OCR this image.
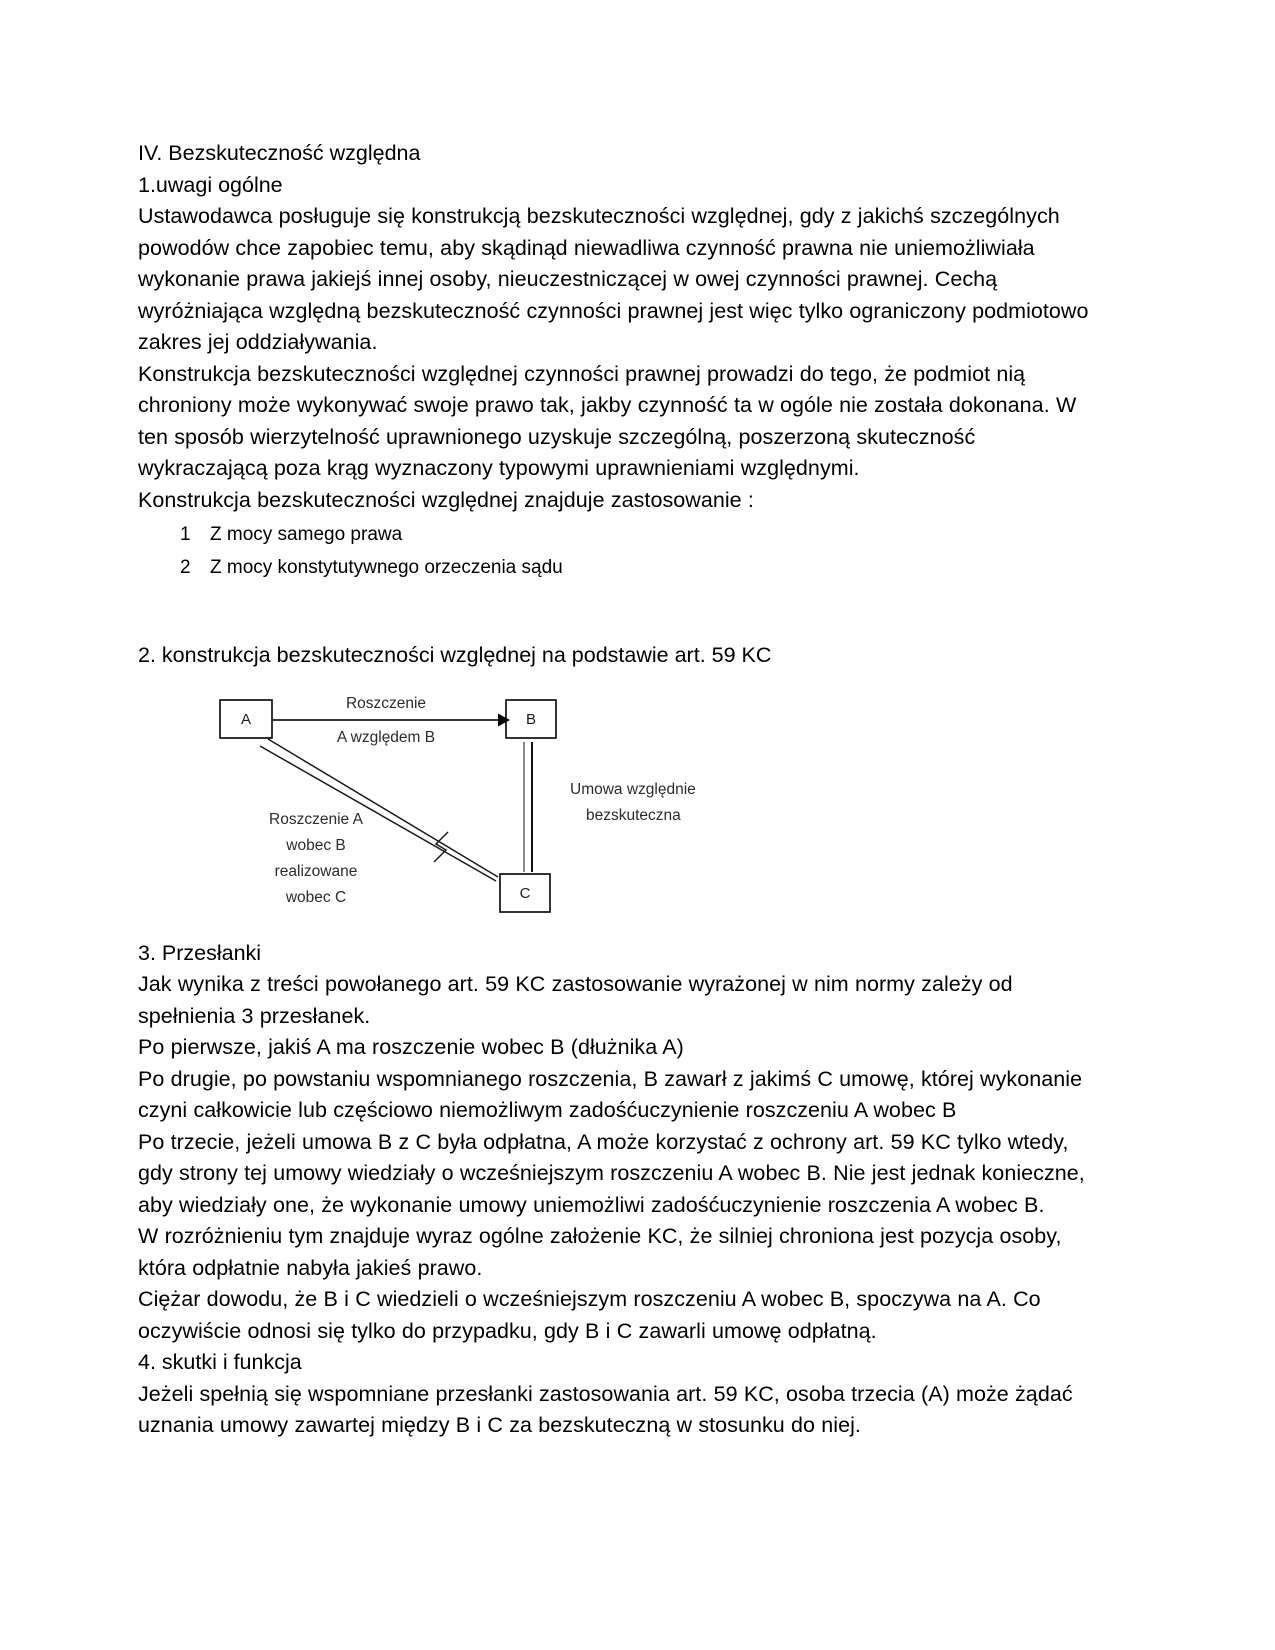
IV. Bezskuteczność względna
1.uwagi ogólne

Ustawodawca posługuje się konstrukcją bezskuteczności względnej, gdy z jakichś szczególnych powodów chce zapobiec temu, aby skądinąd niewadliwa czynność prawna nie uniemożliwiała wykonanie prawa jakiejś innej osoby, nieuczestniczącej w owej czynności prawnej. Cechą wyróżniająca względną bezskuteczność czynności prawnej jest więc tylko ograniczony podmiotowo zakres jej oddziaływania.

Konstrukcja bezskuteczności względnej czynności prawnej prowadzi do tego, że podmiot nią chroniony może wykonywać swoje prawo tak, jakby czynność ta w ogóle nie została dokonana. W ten sposób wierzytelność uprawnionego uzyskuje szczególną, poszerzoną skuteczność wykraczającą poza krąg wyznaczony typowymi uprawnieniami względnymi.

Konstrukcja bezskuteczności względnej znajduje zastosowanie :

1 Z mocy samego prawa
2 Z mocy konstytutywnego orzeczenia sądu
2. konstrukcja bezskuteczności względnej na podstawie art. 59 KC
A	B
C
Roszczenie
A względem B
Roszczenie A
wobec B
realizowane
wobec C
Umowa względnie
bezskuteczna
3. Przesłanki

Jak wynika z treści powołanego art. 59 KC zastosowanie wyrażonej w nim normy zależy od spełnienia 3 przesłanek.

Po pierwsze, jakiś A ma roszczenie wobec B (dłużnika A)

Po drugie, po powstaniu wspomnianego roszczenia, B zawarł z jakimś C umowę, której wykonanie czyni całkowicie lub częściowo niemożliwym zadośćuczynienie roszczeniu A wobec B

Po trzecie, jeżeli umowa B z C była odpłatna, A może korzystać z ochrony art. 59 KC tylko wtedy, gdy strony tej umowy wiedziały o wcześniejszym roszczeniu A wobec B. Nie jest jednak konieczne, aby wiedziały one, że wykonanie umowy uniemożliwi zadośćuczynienie roszczenia A wobec B.

W rozróżnieniu tym znajduje wyraz ogólne założenie KC, że silniej chroniona jest pozycja osoby, która odpłatnie nabyła jakieś prawo.

Ciężar dowodu, że B i C wiedzieli o wcześniejszym roszczeniu A wobec B, spoczywa na A. Co oczywiście odnosi się tylko do przypadku, gdy B i C zawarli umowę odpłatną.

4. skutki i funkcja

Jeżeli spełnią się wspomniane przesłanki zastosowania art. 59 KC, osoba trzecia (A) może żądać uznania umowy zawartej między B i C za bezskuteczną w stosunku do niej.
